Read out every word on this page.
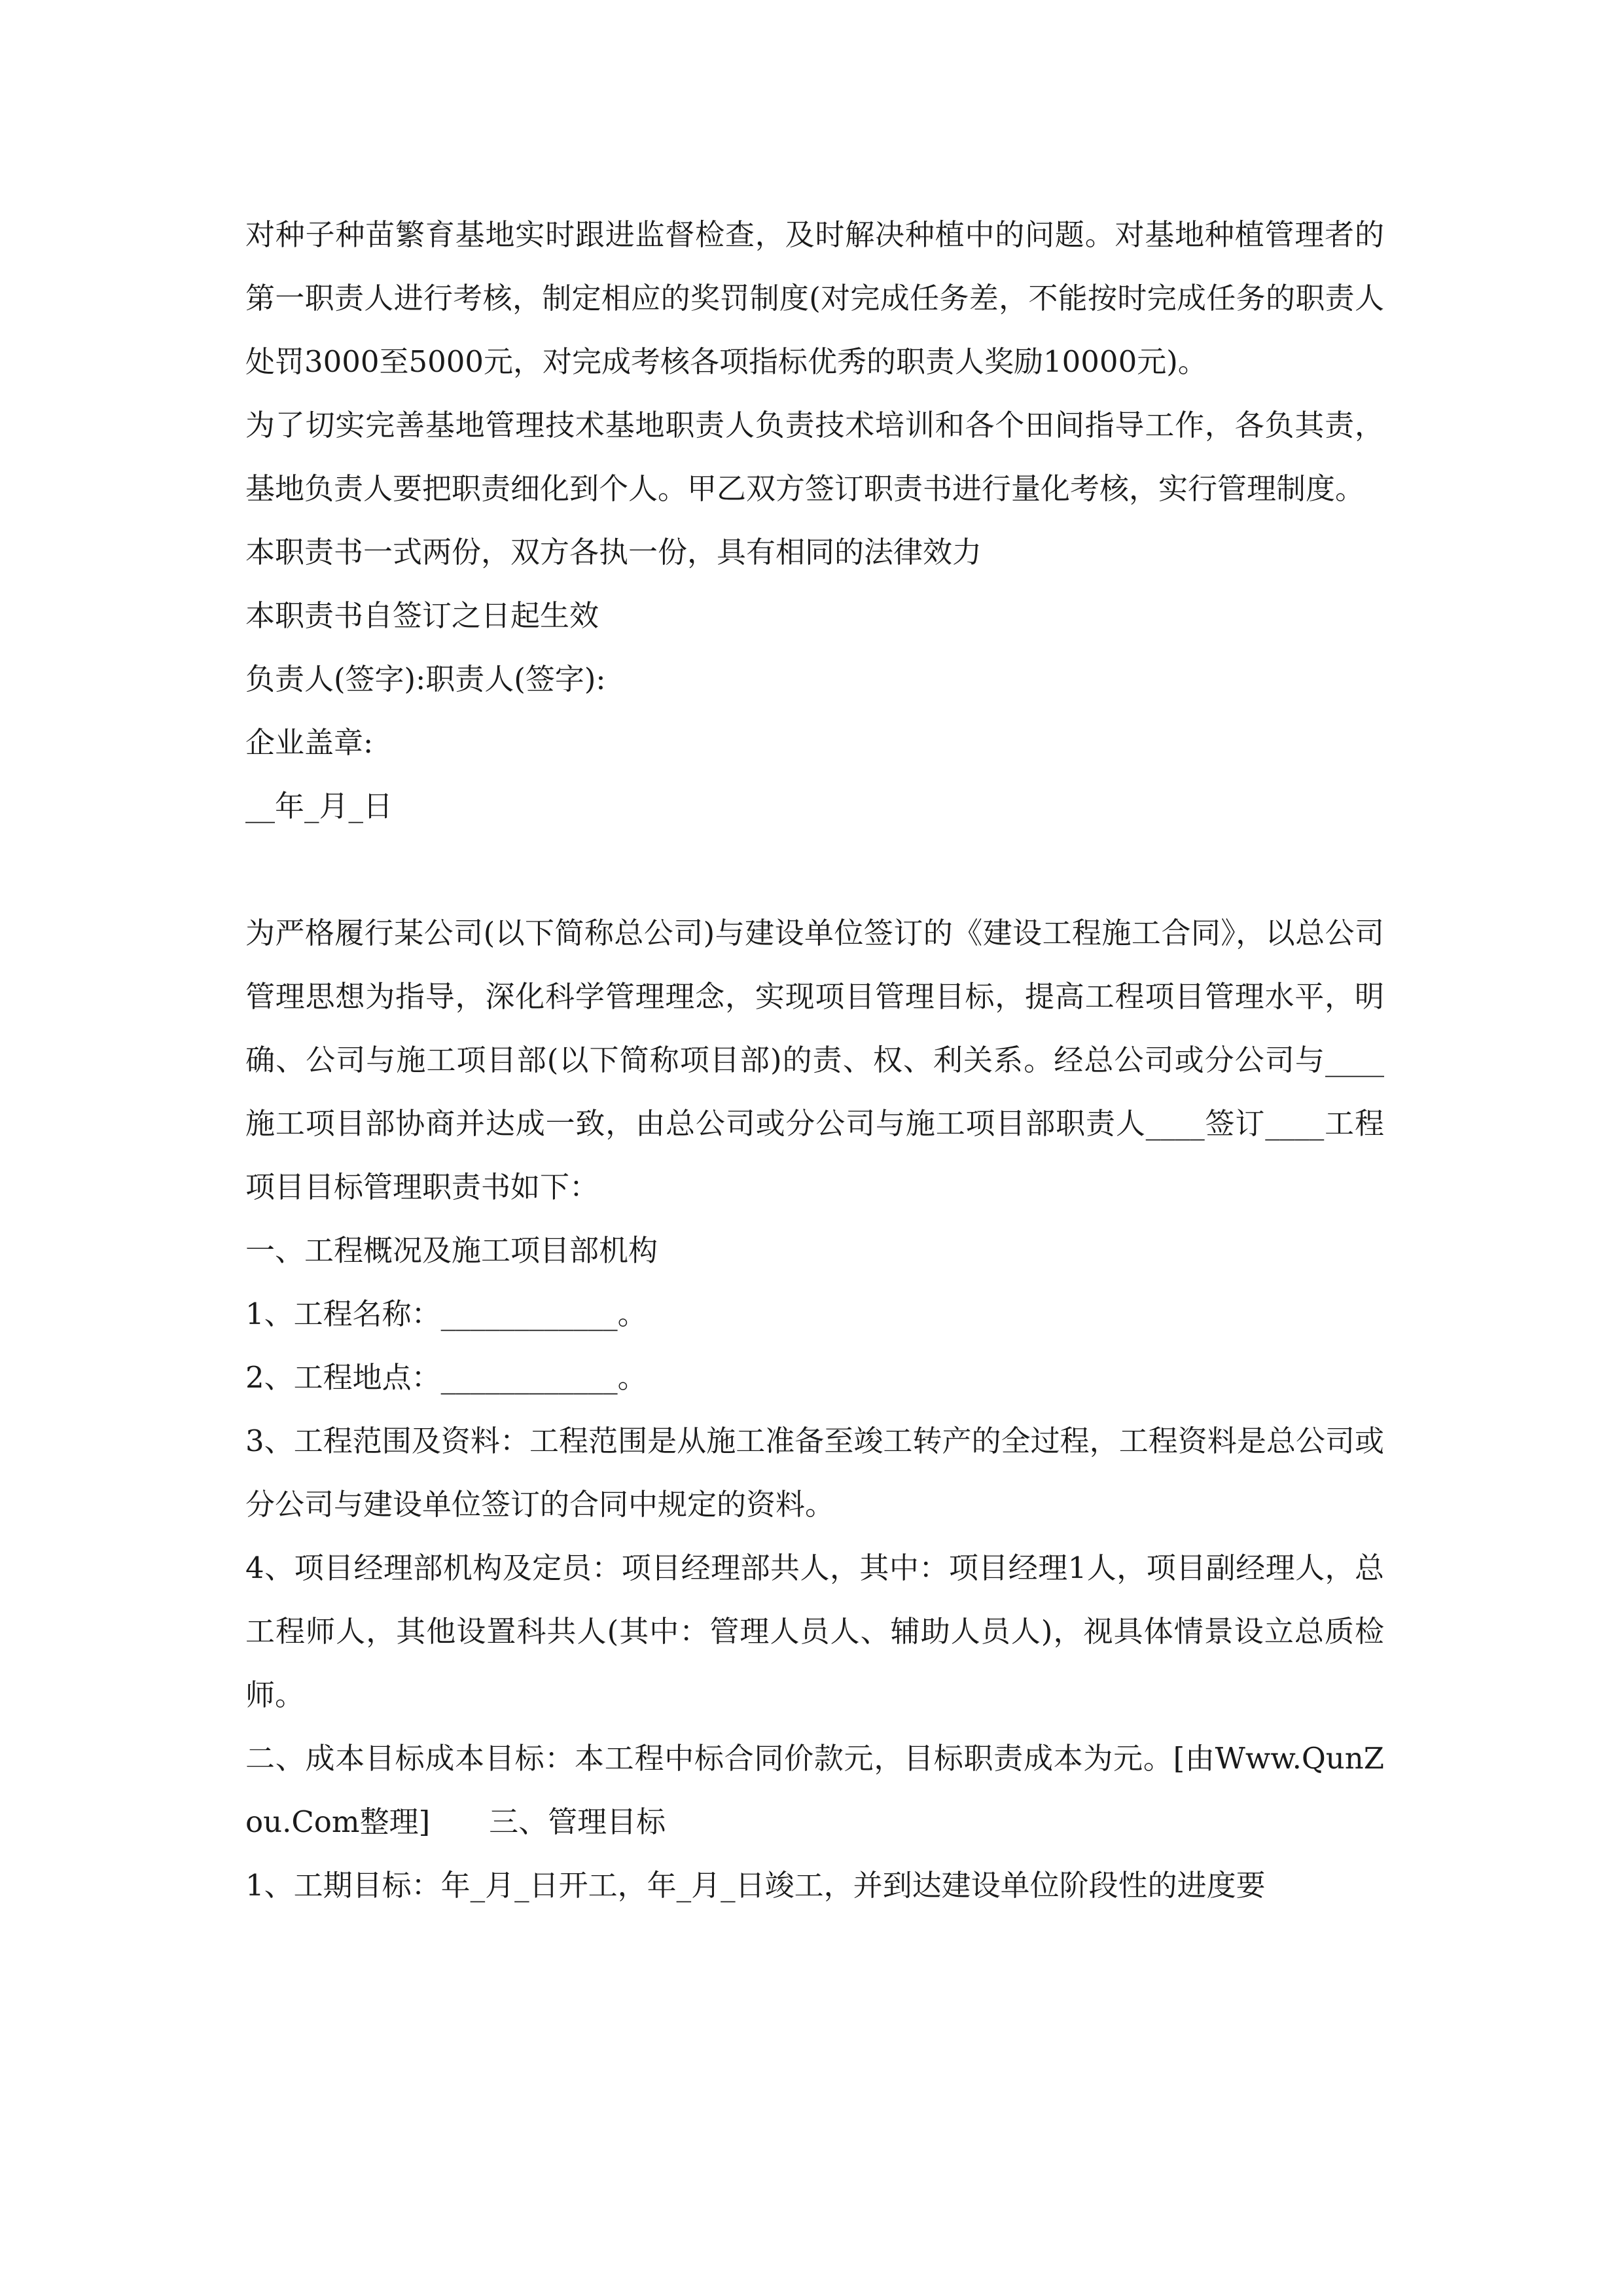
对种子种苗繁育基地实时跟进监督检查，及时解决种植中的问题。对基地种植管理者的第一职责人进行考核，制定相应的奖罚制度(对完成任务差，不能按时完成任务的职责人处罚3000至5000元，对完成考核各项指标优秀的职责人奖励10000元)。

为了切实完善基地管理技术基地职责人负责技术培训和各个田间指导工作，各负其责，基地负责人要把职责细化到个人。甲乙双方签订职责书进行量化考核，实行管理制度。

本职责书一式两份，双方各执一份，具有相同的法律效力

本职责书自签订之日起生效

负责人(签字):职责人(签字):

企业盖章:

__年_月_日

为严格履行某公司(以下简称总公司)与建设单位签订的《建设工程施工合同》，以总公司管理思想为指导，深化科学管理理念，实现项目管理目标，提高工程项目管理水平，明确、公司与施工项目部(以下简称项目部)的责、权、利关系。经总公司或分公司与____施工项目部协商并达成一致，由总公司或分公司与施工项目部职责人____签订____工程项目目标管理职责书如下：

一、工程概况及施工项目部机构

1、工程名称：____________。

2、工程地点：____________。

3、工程范围及资料：工程范围是从施工准备至竣工转产的全过程，工程资料是总公司或分公司与建设单位签订的合同中规定的资料。

4、项目经理部机构及定员：项目经理部共人，其中：项目经理1人，项目副经理人，总工程师人，其他设置科共人(其中：管理人员人、辅助人员人)，视具体情景设立总质检师。

二、成本目标成本目标：本工程中标合同价款元，目标职责成本为元。[由Www.QunZou.Com整理]　　三、管理目标

1、工期目标：年_月_日开工，年_月_日竣工，并到达建设单位阶段性的进度要
